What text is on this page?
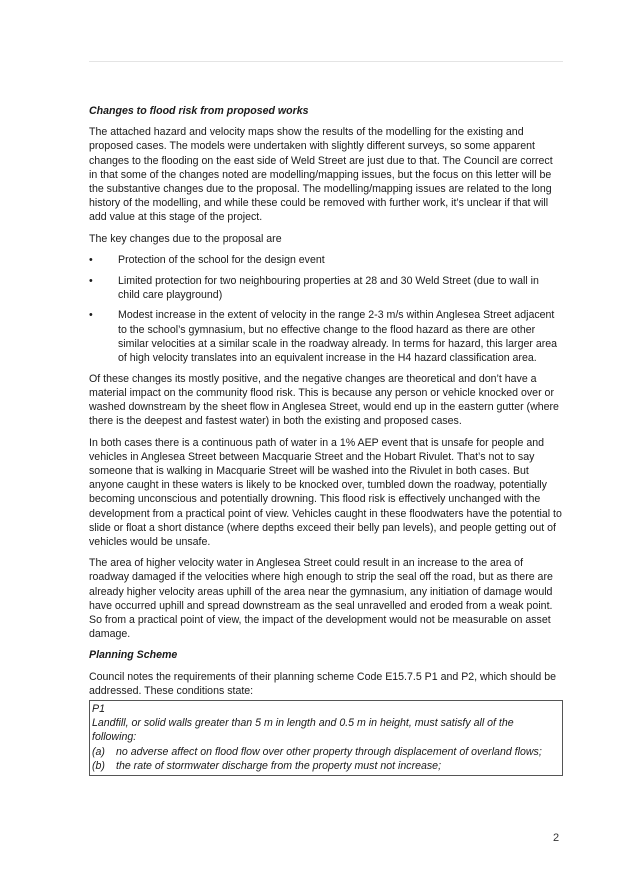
Changes to flood risk from proposed works

The attached hazard and velocity maps show the results of the modelling for the existing and proposed cases. The models were undertaken with slightly different surveys, so some apparent changes to the flooding on the east side of Weld Street are just due to that. The Council are correct in that some of the changes noted are modelling/mapping issues, but the focus on this letter will be the substantive changes due to the proposal. The modelling/mapping issues are related to the long history of the modelling, and while these could be removed with further work, it’s unclear if that will add value at this stage of the project.

The key changes due to the proposal are

• Protection of the school for the design event
• Limited protection for two neighbouring properties at 28 and 30 Weld Street (due to wall in child care playground)
• Modest increase in the extent of velocity in the range 2-3 m/s within Anglesea Street adjacent to the school’s gymnasium, but no effective change to the flood hazard as there are other similar velocities at a similar scale in the roadway already. In terms for hazard, this larger area of high velocity translates into an equivalent increase in the H4 hazard classification area.

Of these changes its mostly positive, and the negative changes are theoretical and don’t have a material impact on the community flood risk. This is because any person or vehicle knocked over or washed downstream by the sheet flow in Anglesea Street, would end up in the eastern gutter (where there is the deepest and fastest water) in both the existing and proposed cases.

In both cases there is a continuous path of water in a 1% AEP event that is unsafe for people and vehicles in Anglesea Street between Macquarie Street and the Hobart Rivulet. That’s not to say someone that is walking in Macquarie Street will be washed into the Rivulet in both cases. But anyone caught in these waters is likely to be knocked over, tumbled down the roadway, potentially becoming unconscious and potentially drowning. This flood risk is effectively unchanged with the development from a practical point of view. Vehicles caught in these floodwaters have the potential to slide or float a short distance (where depths exceed their belly pan levels), and people getting out of vehicles would be unsafe.

The area of higher velocity water in Anglesea Street could result in an increase to the area of roadway damaged if the velocities where high enough to strip the seal off the road, but as there are already higher velocity areas uphill of the area near the gymnasium, any initiation of damage would have occurred uphill and spread downstream as the seal unravelled and eroded from a weak point. So from a practical point of view, the impact of the development would not be measurable on asset damage.

Planning Scheme

Council notes the requirements of their planning scheme Code E15.7.5 P1 and P2, which should be addressed. These conditions state:

P1
Landfill, or solid walls greater than 5 m in length and 0.5 m in height, must satisfy all of the following:
(a) no adverse affect on flood flow over other property through displacement of overland flows;
(b) the rate of stormwater discharge from the property must not increase;
2
